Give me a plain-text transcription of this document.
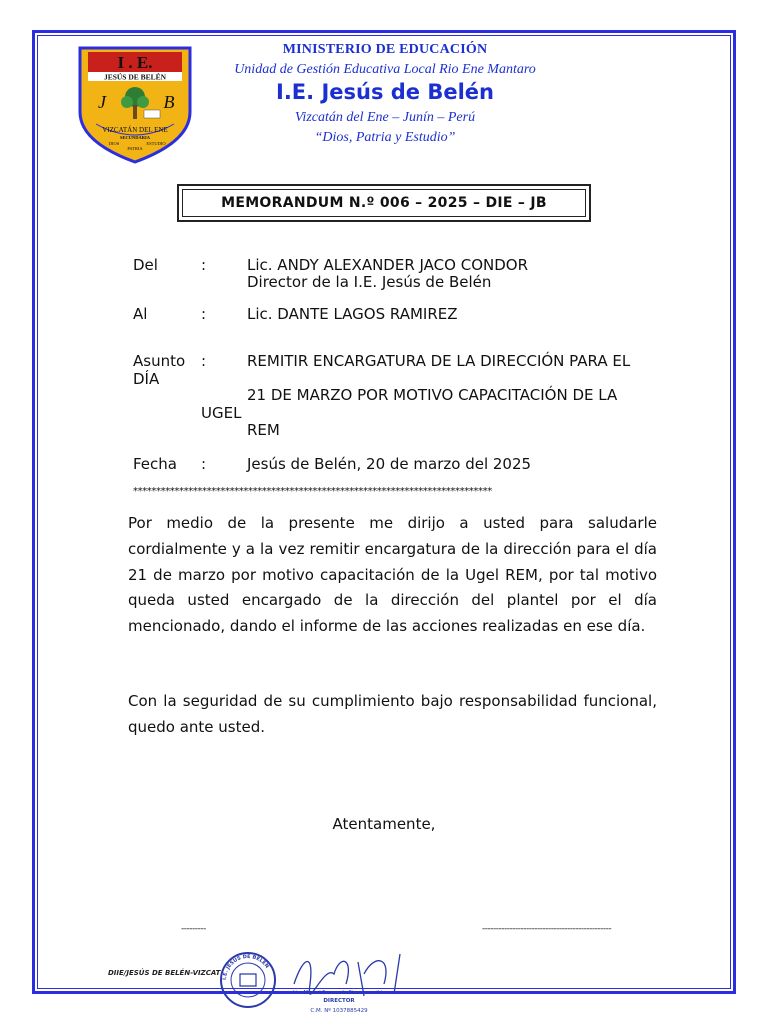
I . E.
JESÚS DE BELÉN
J	B
VIZCATÁN DEL ENE
SECUNDARIA
DIOS
PATRIA
ESTUDIO
MINISTERIO DE EDUCACIÓN
Unidad de Gestión Educativa Local Rio Ene Mantaro
I.E. Jesús de Belén
Vizcatán del Ene – Junín – Perú
“Dios, Patria y Estudio”
MEMORANDUM N.º 006 – 2025 – DIE – JB
Del	:	Lic. ANDY ALEXANDER JACO CONDOR
Director de la I.E. Jesús de Belén
Al	:	Lic. DANTE LAGOS RAMIREZ
Asunto :	REMITIR ENCARGATURA DE LA DIRECCIÓN PARA EL
DÍA
21 DE MARZO POR MOTIVO CAPACITACIÓN DE LA
UGEL
REM
Fecha :	Jesús de Belén, 20 de marzo del 2025
******************************************************************************
Por medio de la presente me dirijo a usted para saludarle cordialmente y a la vez remitir encargatura de la dirección para el día 21 de marzo por motivo capacitación de la Ugel REM, por tal motivo queda usted encargado de la dirección del plantel por el día mencionado, dando el informe de las acciones realizadas en ese día.
Con la seguridad de su cumplimiento bajo responsabilidad funcional, quedo ante usted.
Atentamente,
---------	-----------------------------------------------
DIIE/JESÚS DE BELÉN-VIZCAT
I.E. JESÚS DE BELÉN
Lic. Miguel Fernando Pino Arancibia
DIRECTOR
C.M. Nº 1037885429
